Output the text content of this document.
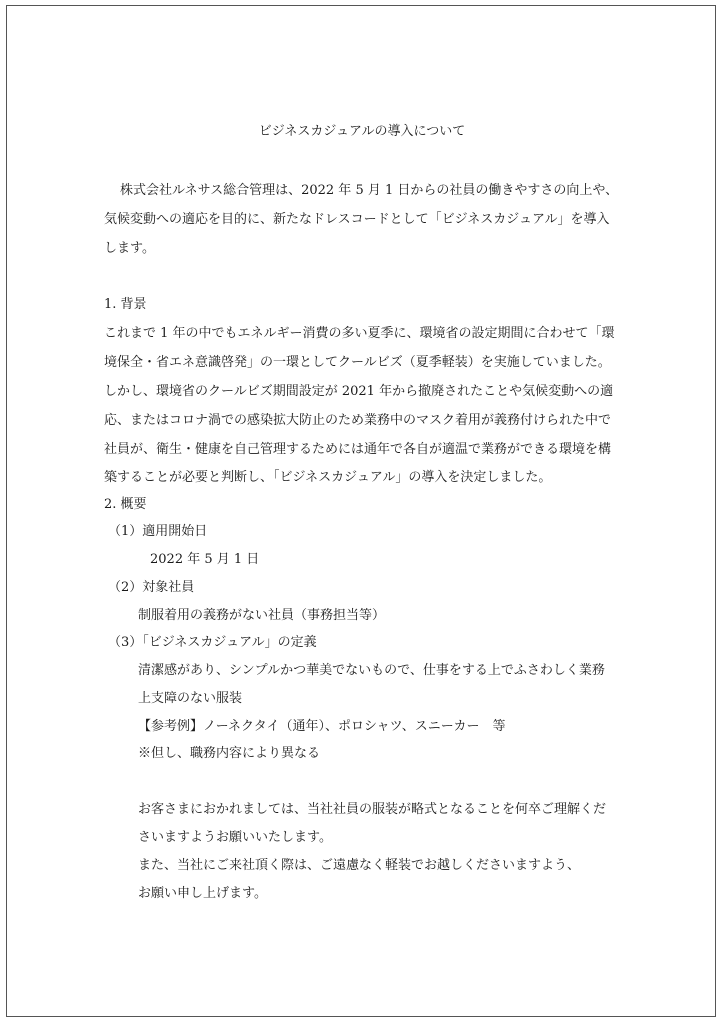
ビジネスカジュアルの導入について
株式会社ルネサス総合管理は、2022 年 5 月 1 日からの社員の働きやすさの向上や、
気候変動への適応を目的に、新たなドレスコードとして「ビジネスカジュアル」を導入
します。
1. 背景
これまで 1 年の中でもエネルギー消費の多い夏季に、環境省の設定期間に合わせて「環
境保全・省エネ意識啓発」の一環としてクールビズ（夏季軽装）を実施していました。
しかし、環境省のクールビズ期間設定が 2021 年から撤廃されたことや気候変動への適
応、またはコロナ渦での感染拡大防止のため業務中のマスク着用が義務付けられた中で
社員が、衛生・健康を自己管理するためには通年で各自が適温で業務ができる環境を構
築することが必要と判断し、「ビジネスカジュアル」の導入を決定しました。
2. 概要
（1）適用開始日
2022 年 5 月 1 日
（2）対象社員
制服着用の義務がない社員（事務担当等）
（3）「ビジネスカジュアル」の定義
清潔感があり、シンプルかつ華美でないもので、仕事をする上でふさわしく業務
上支障のない服装
【参考例】ノーネクタイ（通年）、ポロシャツ、スニーカー　等
※但し、職務内容により異なる
お客さまにおかれましては、当社社員の服装が略式となることを何卒ご理解くだ
さいますようお願いいたします。
また、当社にご来社頂く際は、ご遠慮なく軽装でお越しくださいますよう、
お願い申し上げます。
